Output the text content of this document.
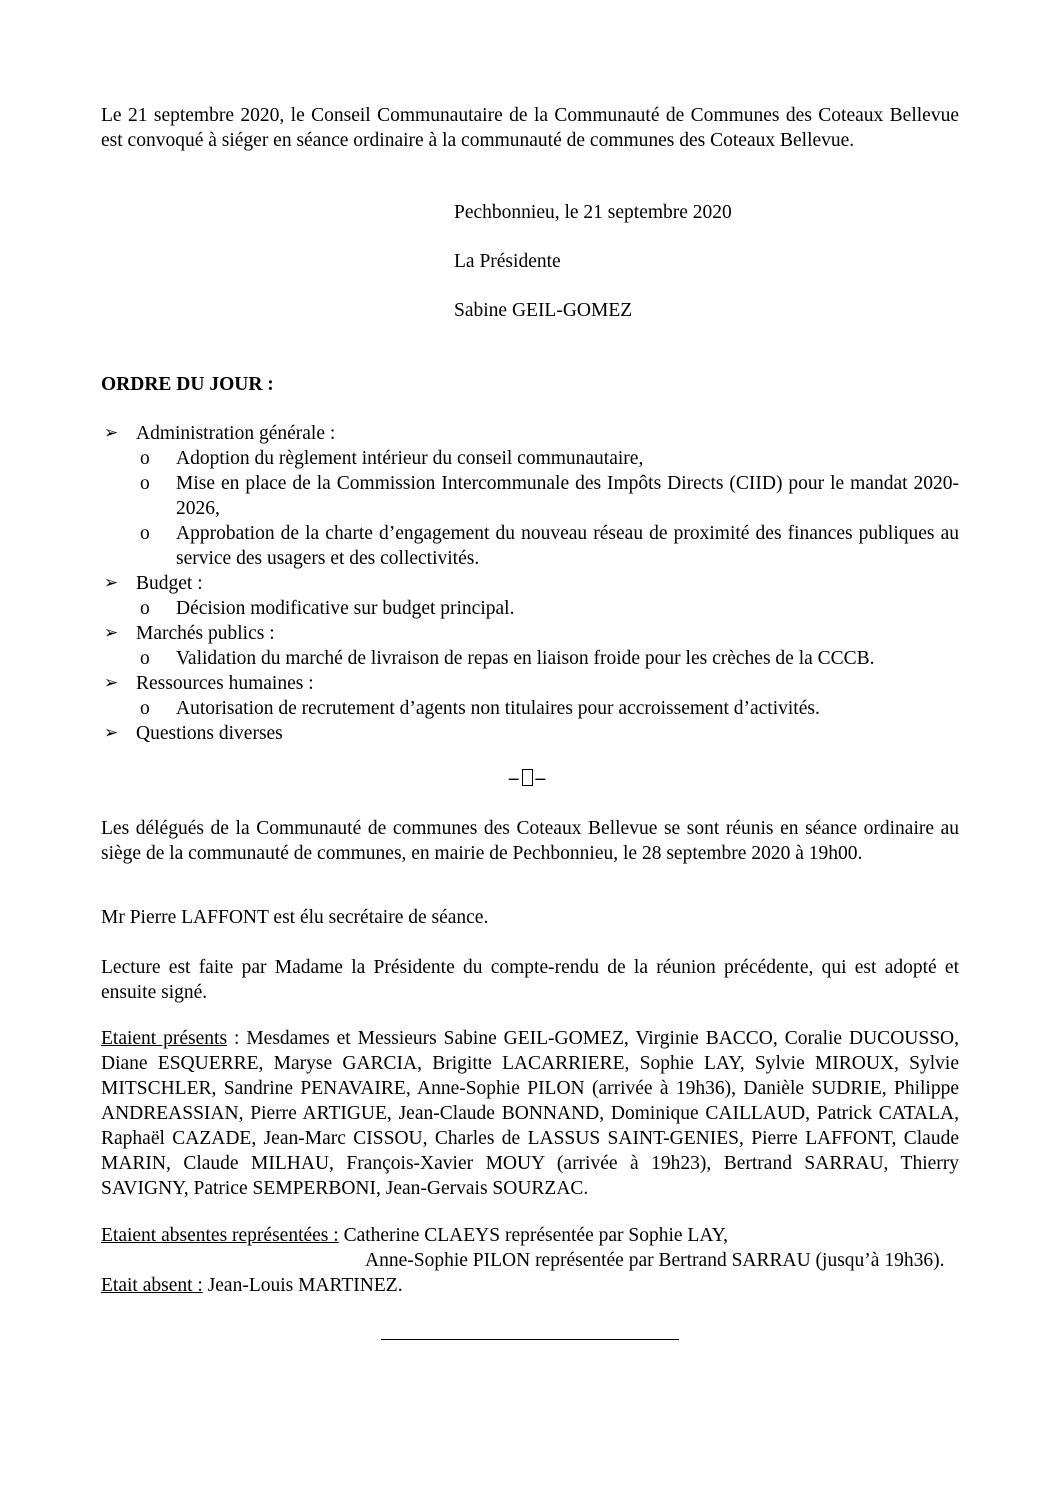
Le 21 septembre 2020, le Conseil Communautaire de la Communauté de Communes des Coteaux Bellevue est convoqué à siéger en séance ordinaire à la communauté de communes des Coteaux Bellevue.
Pechbonnieu, le 21 septembre 2020
La Présidente
Sabine GEIL-GOMEZ
ORDRE DU JOUR :
➢ Administration générale :
o Adoption du règlement intérieur du conseil communautaire,
o Mise en place de la Commission Intercommunale des Impôts Directs (CIID) pour le mandat 2020-2026,
o Approbation de la charte d’engagement du nouveau réseau de proximité des finances publiques au service des usagers et des collectivités.
➢ Budget :
o Décision modificative sur budget principal.
➢ Marchés publics :
o Validation du marché de livraison de repas en liaison froide pour les crèches de la CCCB.
➢ Ressources humaines :
o Autorisation de recrutement d’agents non titulaires pour accroissement d’activités.
➢ Questions diverses
– –
Les délégués de la Communauté de communes des Coteaux Bellevue se sont réunis en séance ordinaire au siège de la communauté de communes, en mairie de Pechbonnieu, le 28 septembre 2020 à 19h00.
Mr Pierre LAFFONT est élu secrétaire de séance.
Lecture est faite par Madame la Présidente du compte-rendu de la réunion précédente, qui est adopté et ensuite signé.
Etaient présents : Mesdames et Messieurs Sabine GEIL-GOMEZ, Virginie BACCO, Coralie DUCOUSSO, Diane ESQUERRE, Maryse GARCIA, Brigitte LACARRIERE, Sophie LAY, Sylvie MIROUX, Sylvie MITSCHLER, Sandrine PENAVAIRE, Anne-Sophie PILON (arrivée à 19h36), Danièle SUDRIE, Philippe ANDREASSIAN, Pierre ARTIGUE, Jean-Claude BONNAND, Dominique CAILLAUD, Patrick CATALA, Raphaël CAZADE, Jean-Marc CISSOU, Charles de LASSUS SAINT-GENIES, Pierre LAFFONT, Claude MARIN, Claude MILHAU, François-Xavier MOUY (arrivée à 19h23), Bertrand SARRAU, Thierry SAVIGNY, Patrice SEMPERBONI, Jean-Gervais SOURZAC.
Etaient absentes représentées : Catherine CLAEYS représentée par Sophie LAY,
Anne-Sophie PILON représentée par Bertrand SARRAU (jusqu’à 19h36).
Etait absent : Jean-Louis MARTINEZ.
